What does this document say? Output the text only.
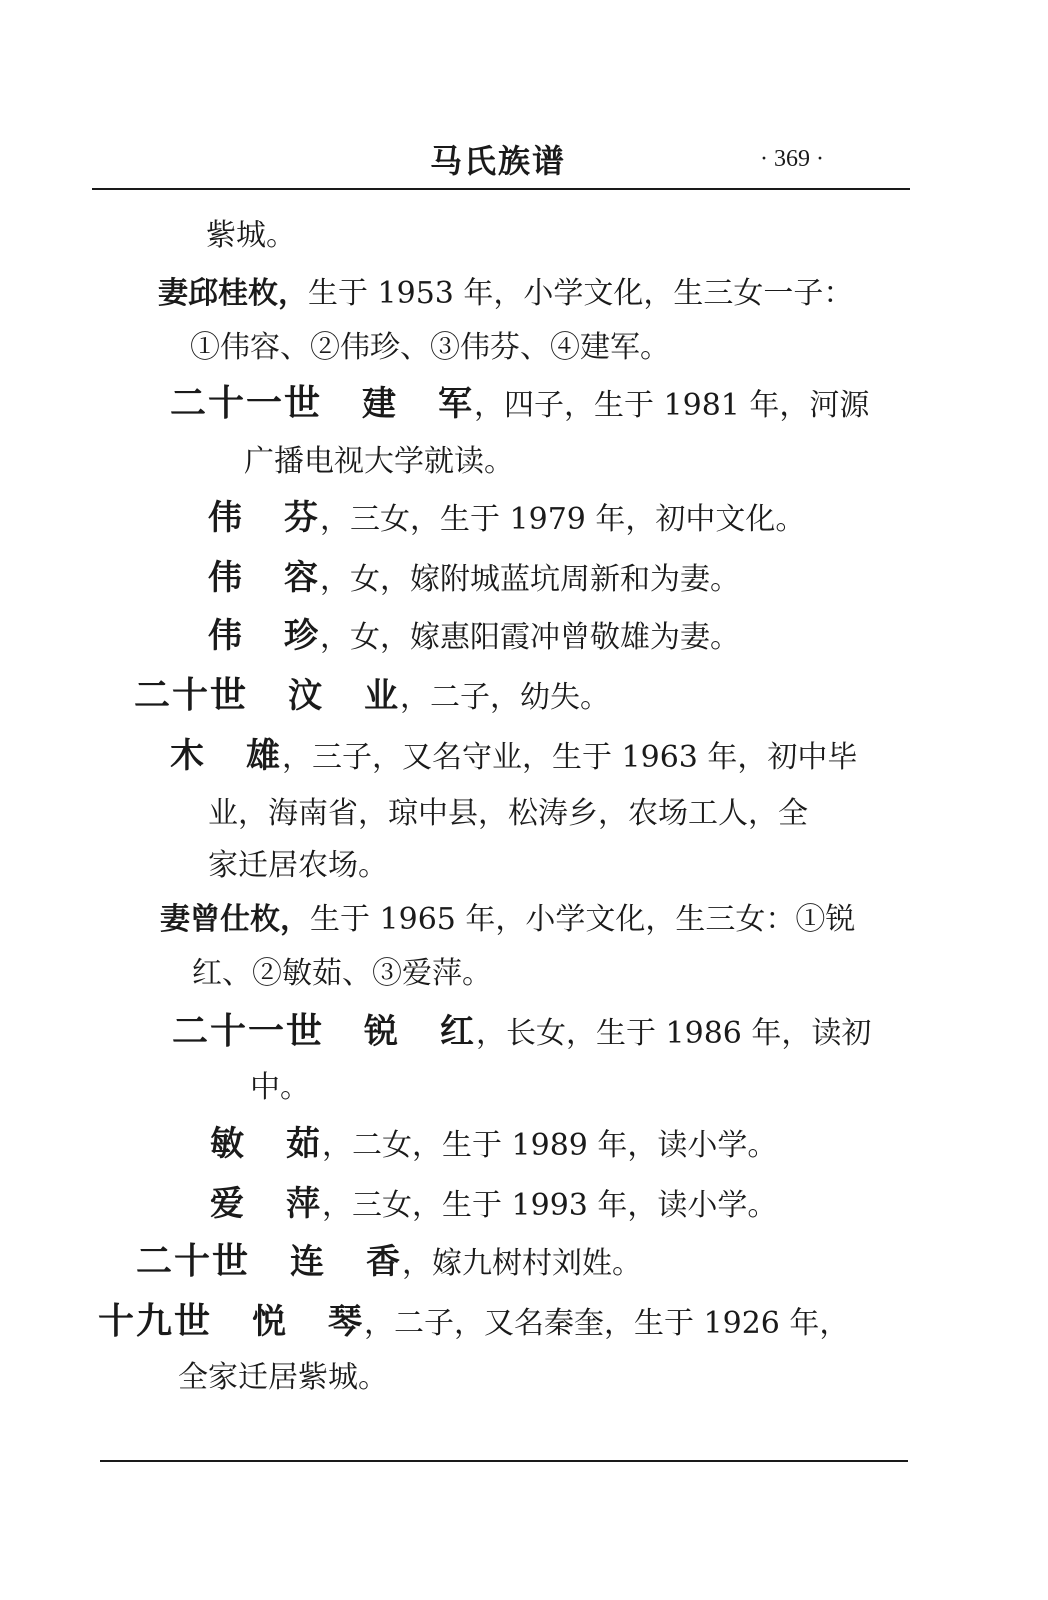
马氏族谱	· 369 ·
紫城。
妻邱桂枚，生于 1953 年，小学文化，生三女一子：
①伟容、②伟珍、③伟芬、④建军。
二十一世 建 军，四子，生于 1981 年，河源
广播电视大学就读。
伟 芬，三女，生于 1979 年，初中文化。
伟 容，女，嫁附城蓝坑周新和为妻。
伟 珍，女，嫁惠阳霞冲曾敬雄为妻。
二十世 汶 业，二子，幼失。
木 雄，三子，又名守业，生于 1963 年，初中毕
业，海南省，琼中县，松涛乡，农场工人，全
家迁居农场。
妻曾仕枚，生于 1965 年，小学文化，生三女：①锐
红、②敏茹、③爱萍。
二十一世 锐 红，长女，生于 1986 年，读初
中。
敏 茹，二女，生于 1989 年，读小学。
爱 萍，三女，生于 1993 年，读小学。
二十世 连 香，嫁九树村刘姓。
十九世 悦 琴，二子，又名秦奎，生于 1926 年，
全家迁居紫城。
